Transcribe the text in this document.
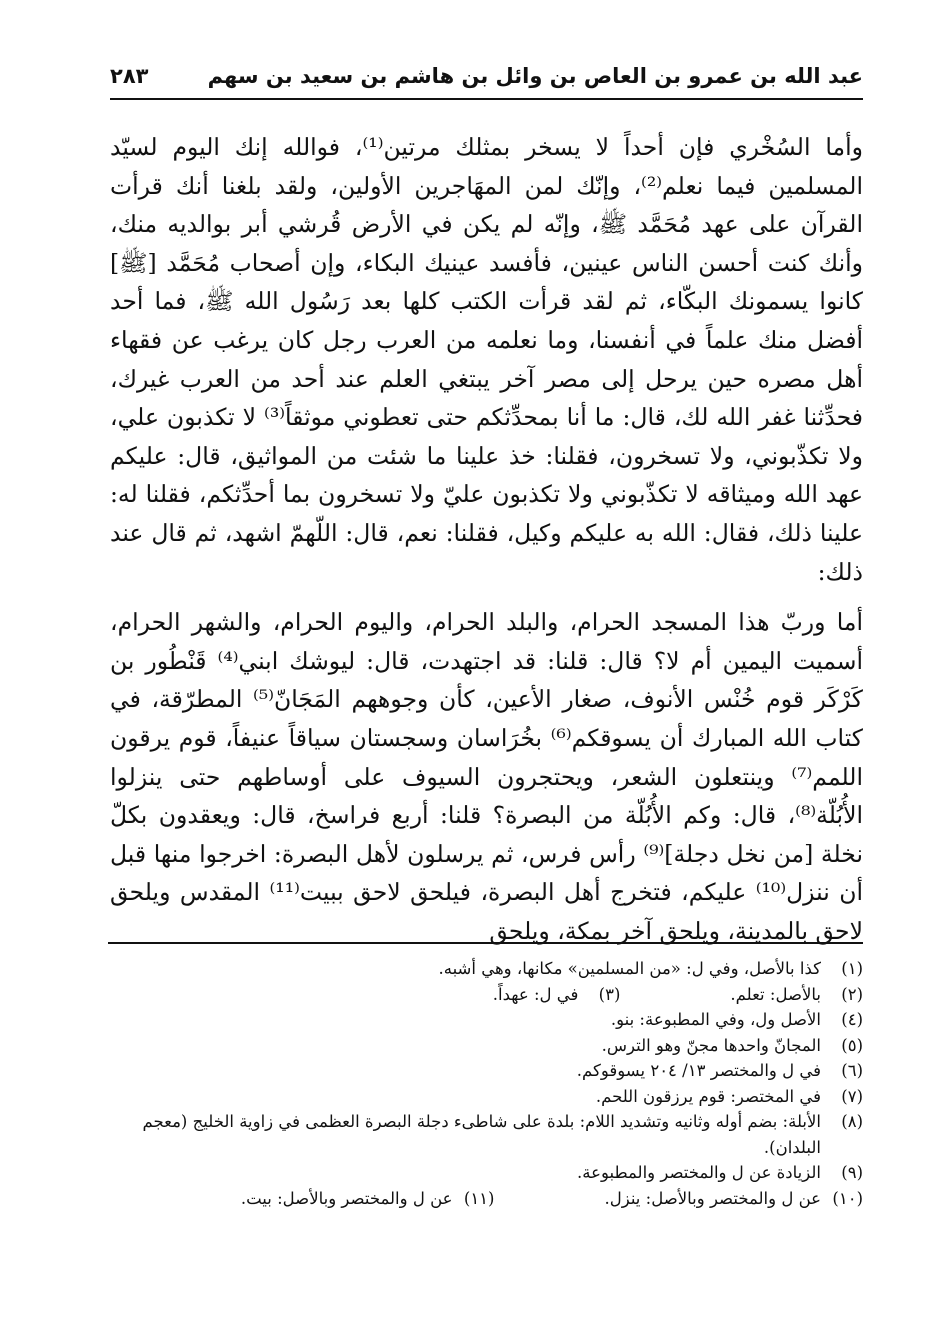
عبد الله بن عمرو بن العاص بن وائل بن هاشم بن سعيد بن سهم
٢٨٣

وأما السُخْري فإن أحداً لا يسخر بمثلك مرتين⁽¹⁾، فوالله إنك اليوم لسيّد المسلمين فيما نعلم⁽²⁾، وإنّك لمن المهَاجرين الأولين، ولقد بلغنا أنك قرأت القرآن على عهد مُحَمَّد ﷺ، وإنّه لم يكن في الأرض قُرشي أبر بوالديه منك، وأنك كنت أحسن الناس عينين، فأفسد عينيك البكاء، وإن أصحاب مُحَمَّد [ﷺ] كانوا يسمونك البكّاء، ثم لقد قرأت الكتب كلها بعد رَسُول الله ﷺ، فما أحد أفضل منك علماً في أنفسنا، وما نعلمه من العرب رجل كان يرغب عن فقهاء أهل مصره حين يرحل إلى مصر آخر يبتغي العلم عند أحد من العرب غيرك، فحدِّثنا غفر الله لك، قال: ما أنا بمحدِّثكم حتى تعطوني موثقاً⁽³⁾ لا تكذبون علي، ولا تكذّبوني، ولا تسخرون، فقلنا: خذ علينا ما شئت من المواثيق، قال: عليكم عهد الله وميثاقه لا تكذّبوني ولا تكذبون عليّ ولا تسخرون بما أحدِّثكم، فقلنا له: علينا ذلك، فقال: الله به عليكم وكيل، فقلنا: نعم، قال: اللّهمّ اشهد، ثم قال عند ذلك:

أما وربّ هذا المسجد الحرام، والبلد الحرام، واليوم الحرام، والشهر الحرام، أسميت اليمين أم لا؟ قال: قلنا: قد اجتهدت، قال: ليوشك ابني⁽⁴⁾ قَنْطُور بن كَرْكَر قوم خُنْس الأنوف، صغار الأعين، كأن وجوههم المَجَانّ⁽⁵⁾ المطرّقة، في كتاب الله المبارك أن يسوقكم⁽⁶⁾ بخُرَاسان وسجستان سياقاً عنيفاً، قوم يرقون اللمم⁽⁷⁾ وينتعلون الشعر، ويحتجرون السيوف على أوساطهم حتى ينزلوا الأُبُلّة⁽⁸⁾، قال: وكم الأُبُلّة من البصرة؟ قلنا: أربع فراسخ، قال: ويعقدون بكلّ نخلة [من نخل دجلة]⁽⁹⁾ رأس فرس، ثم يرسلون لأهل البصرة: اخرجوا منها قبل أن ننزل⁽¹⁰⁾ عليكم، فتخرج أهل البصرة، فيلحق لاحق ببيت⁽¹¹⁾ المقدس ويلحق لاحق بالمدينة، ويلحق آخر بمكة، ويلحق

(١)
كذا بالأصل، وفي ل: «من المسلمين» مكانها، وهي أشبه.
(٢)
بالأصل: تعلم.
(٣)
في ل: عهداً.
(٤)
الأصل ول، وفي المطبوعة: بنو.
(٥)
المجانّ واحدها مجنّ وهو الترس.
(٦)
في ل والمختصر ١٣/ ٢٠٤ يسوقوكم.
(٧)
في المختصر: قوم يرزقون اللحم.
(٨)
الأبلة: بضم أوله وثانيه وتشديد اللام: بلدة على شاطىء دجلة البصرة العظمى في زاوية الخليج (معجم البلدان).
(٩)
الزيادة عن ل والمختصر والمطبوعة.
(١٠)
عن ل والمختصر وبالأصل: ينزل.
(١١)
عن ل والمختصر وبالأصل: بيت.
